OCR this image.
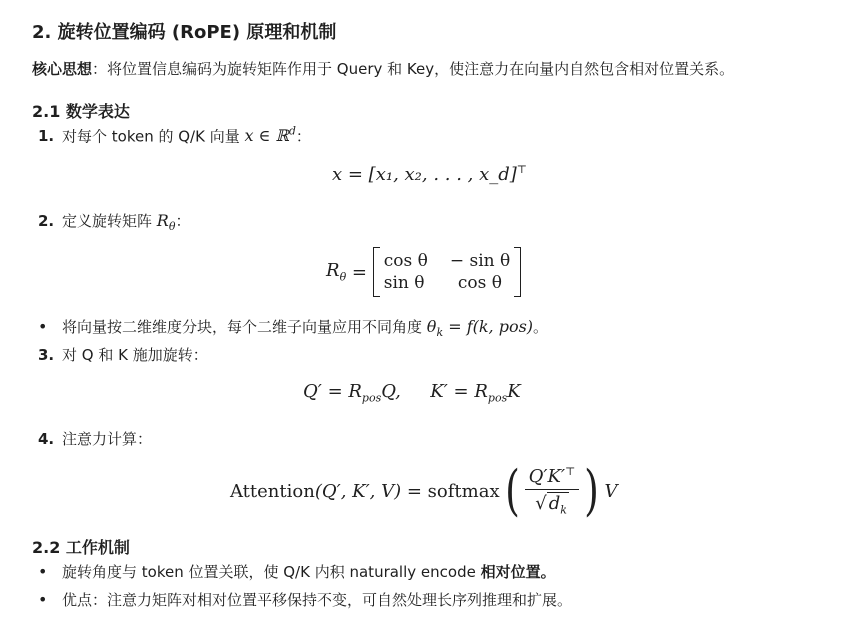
2. 旋转位置编码 (RoPE) 原理和机制
核心思想：将位置信息编码为旋转矩阵作用于 Query 和 Key，使注意力在向量内自然包含相对位置关系。
2.1 数学表达
1. 对每个 token 的 Q/K 向量 x ∈ ℝ$^d$：
x = [x₁, x₂, . . . , x_d]⊤
2. 定义旋转矩阵 $R_\theta$：
$R_\theta$ =
cos θ − sin θ
sin θ	cos θ
• 将向量按二维维度分块，每个二维子向量应用不同角度 $\theta_k = f(k$, pos)。
3. 对 Q 和 K 施加旋转：
$Q' = R_{pos}Q$, $K' = R_{pos}K$
4. 注意力计算：
Attention (Q′, K′, V) = softmax ( $\frac{Q'K'^⊤}{√ d_k}$ ) V
2.2 工作机制
• 旋转角度与 token 位置关联，使 Q/K 内积 naturally encode 相对位置。
• 优点：注意力矩阵对相对位置平移保持不变，可自然处理长序列推理和扩展。
